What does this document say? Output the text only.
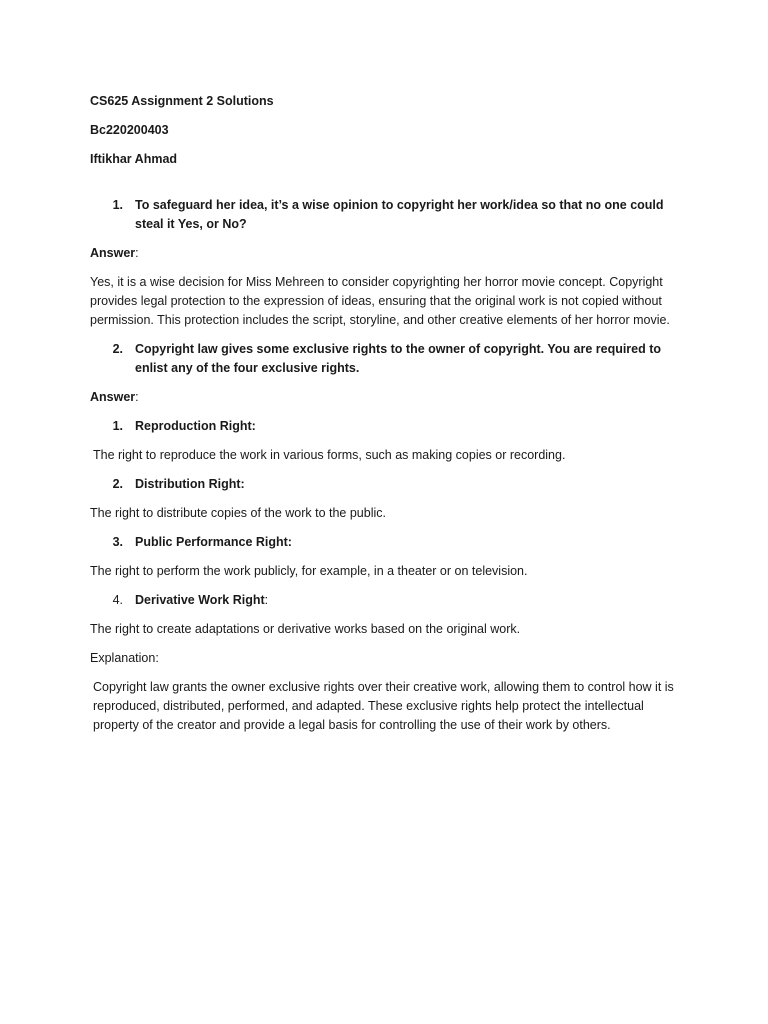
CS625 Assignment 2 Solutions

Bc220200403

Iftikhar Ahmad

1. To safeguard her idea, it’s a wise opinion to copyright her work/idea so that no one could steal it Yes, or No?

Answer:

Yes, it is a wise decision for Miss Mehreen to consider copyrighting her horror movie concept. Copyright provides legal protection to the expression of ideas, ensuring that the original work is not copied without permission. This protection includes the script, storyline, and other creative elements of her horror movie.

2. Copyright law gives some exclusive rights to the owner of copyright. You are required to enlist any of the four exclusive rights.

Answer:

1. Reproduction Right:

The right to reproduce the work in various forms, such as making copies or recording.

2. Distribution Right:

The right to distribute copies of the work to the public.

3. Public Performance Right:

The right to perform the work publicly, for example, in a theater or on television.

4. Derivative Work Right:

The right to create adaptations or derivative works based on the original work.

Explanation:

Copyright law grants the owner exclusive rights over their creative work, allowing them to control how it is reproduced, distributed, performed, and adapted. These exclusive rights help protect the intellectual property of the creator and provide a legal basis for controlling the use of their work by others.
